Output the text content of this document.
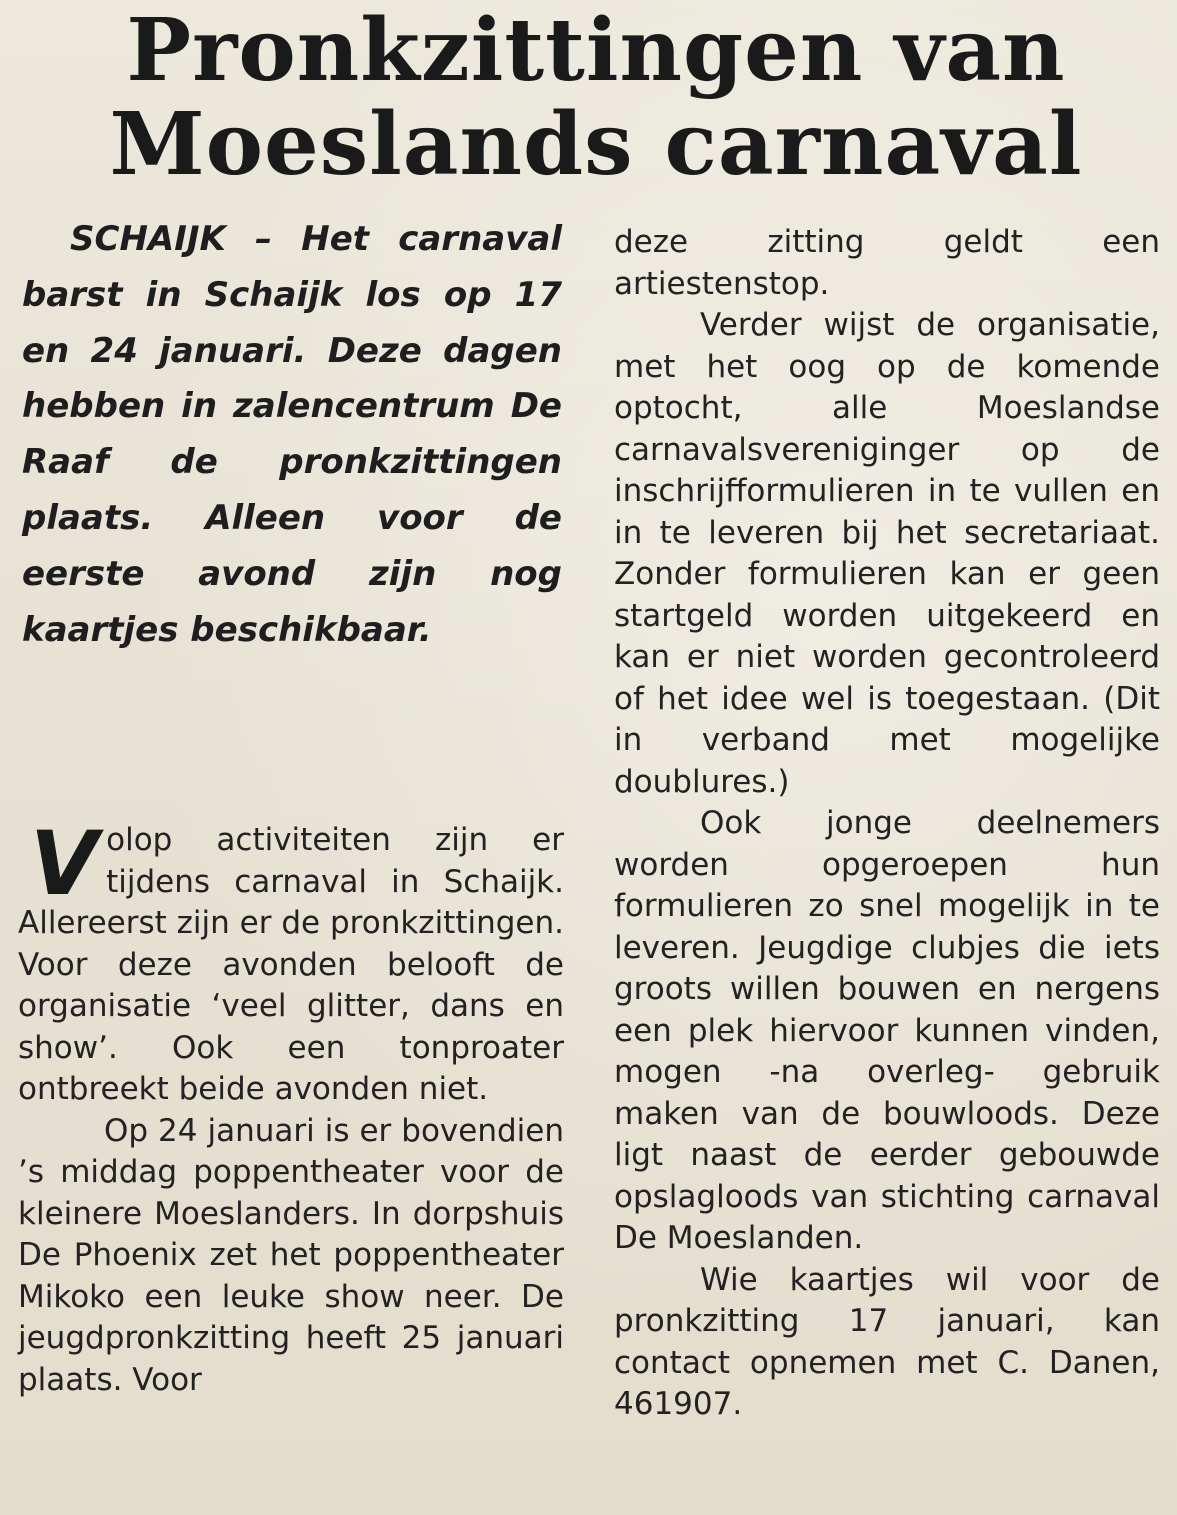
Pronkzittingen van Moeslands carnaval

SCHAIJK – Het carnaval barst in Schaijk los op 17 en 24 januari. Deze dagen hebben in zalencentrum De Raaf de pronkzittingen plaats. Alleen voor de eerste avond zijn nog kaartjes beschikbaar.

Volop activiteiten zijn er tijdens carnaval in Schaijk. Allereerst zijn er de pronkzittingen. Voor deze avonden belooft de organisatie ‘veel glitter, dans en show’. Ook een tonproater ontbreekt beide avonden niet.

Op 24 januari is er bovendien ’s middag poppentheater voor de kleinere Moeslanders. In dorpshuis De Phoenix zet het poppentheater Mikoko een leuke show neer. De jeugdpronkzitting heeft 25 januari plaats. Voor

deze zitting geldt een artiestenstop.

Verder wijst de organisatie, met het oog op de komende optocht, alle Moeslandse carnavalsvereniginger op de inschrijfformulieren in te vullen en in te leveren bij het secretariaat. Zonder formulieren kan er geen startgeld worden uitgekeerd en kan er niet worden gecontroleerd of het idee wel is toegestaan. (Dit in verband met mogelijke doublures.)

Ook jonge deelnemers worden opgeroepen hun formulieren zo snel mogelijk in te leveren. Jeugdige clubjes die iets groots willen bouwen en nergens een plek hiervoor kunnen vinden, mogen -na overleg- gebruik maken van de bouwloods. Deze ligt naast de eerder gebouwde opslagloods van stichting carnaval De Moeslanden.

Wie kaartjes wil voor de pronkzitting 17 januari, kan contact opnemen met C. Danen, 461907.
